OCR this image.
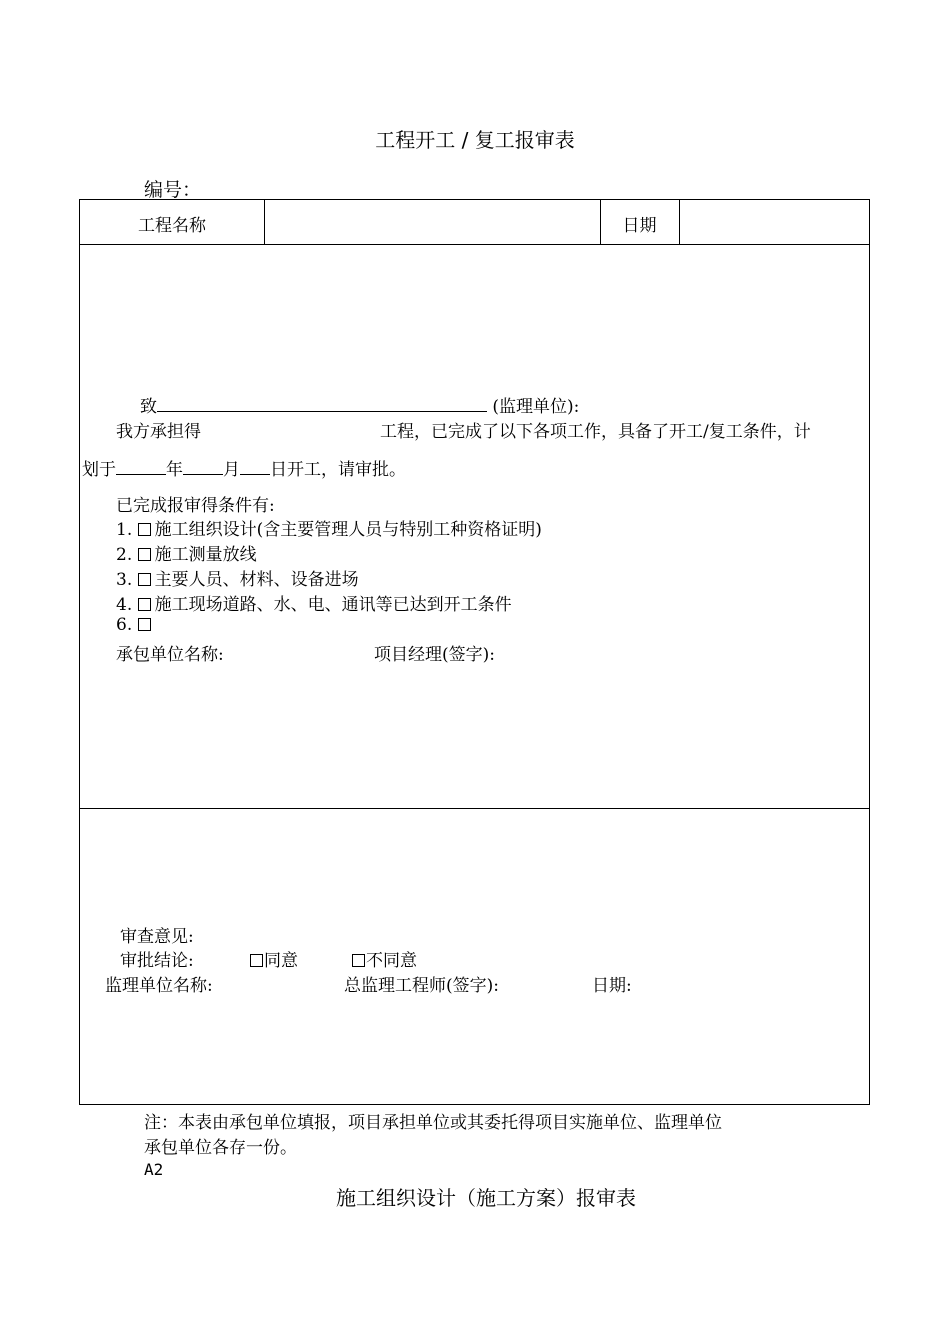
工程开工 / 复工报审表
编号：
工程名称	日期
致	(监理单位):
我方承担得	工程，已完成了以下各项工作，具备了开工/复工条件，计
划于	年 月 日开工，请审批。
已完成报审得条件有:
1. 施工组织设计(含主要管理人员与特别工种资格证明)
2. 施工测量放线
3. 主要人员、材料、设备进场
4. 施工现场道路、水、电、通讯等已达到开工条件
6.
承包单位名称:	项目经理(签字):
审查意见:
审批结论:	同意	不同意
监理单位名称:	总监理工程师(签字):	日期:
注：本表由承包单位填报，项目承担单位或其委托得项目实施单位、监理单位
承包单位各存一份。
A2
施工组织设计（施工方案）报审表
